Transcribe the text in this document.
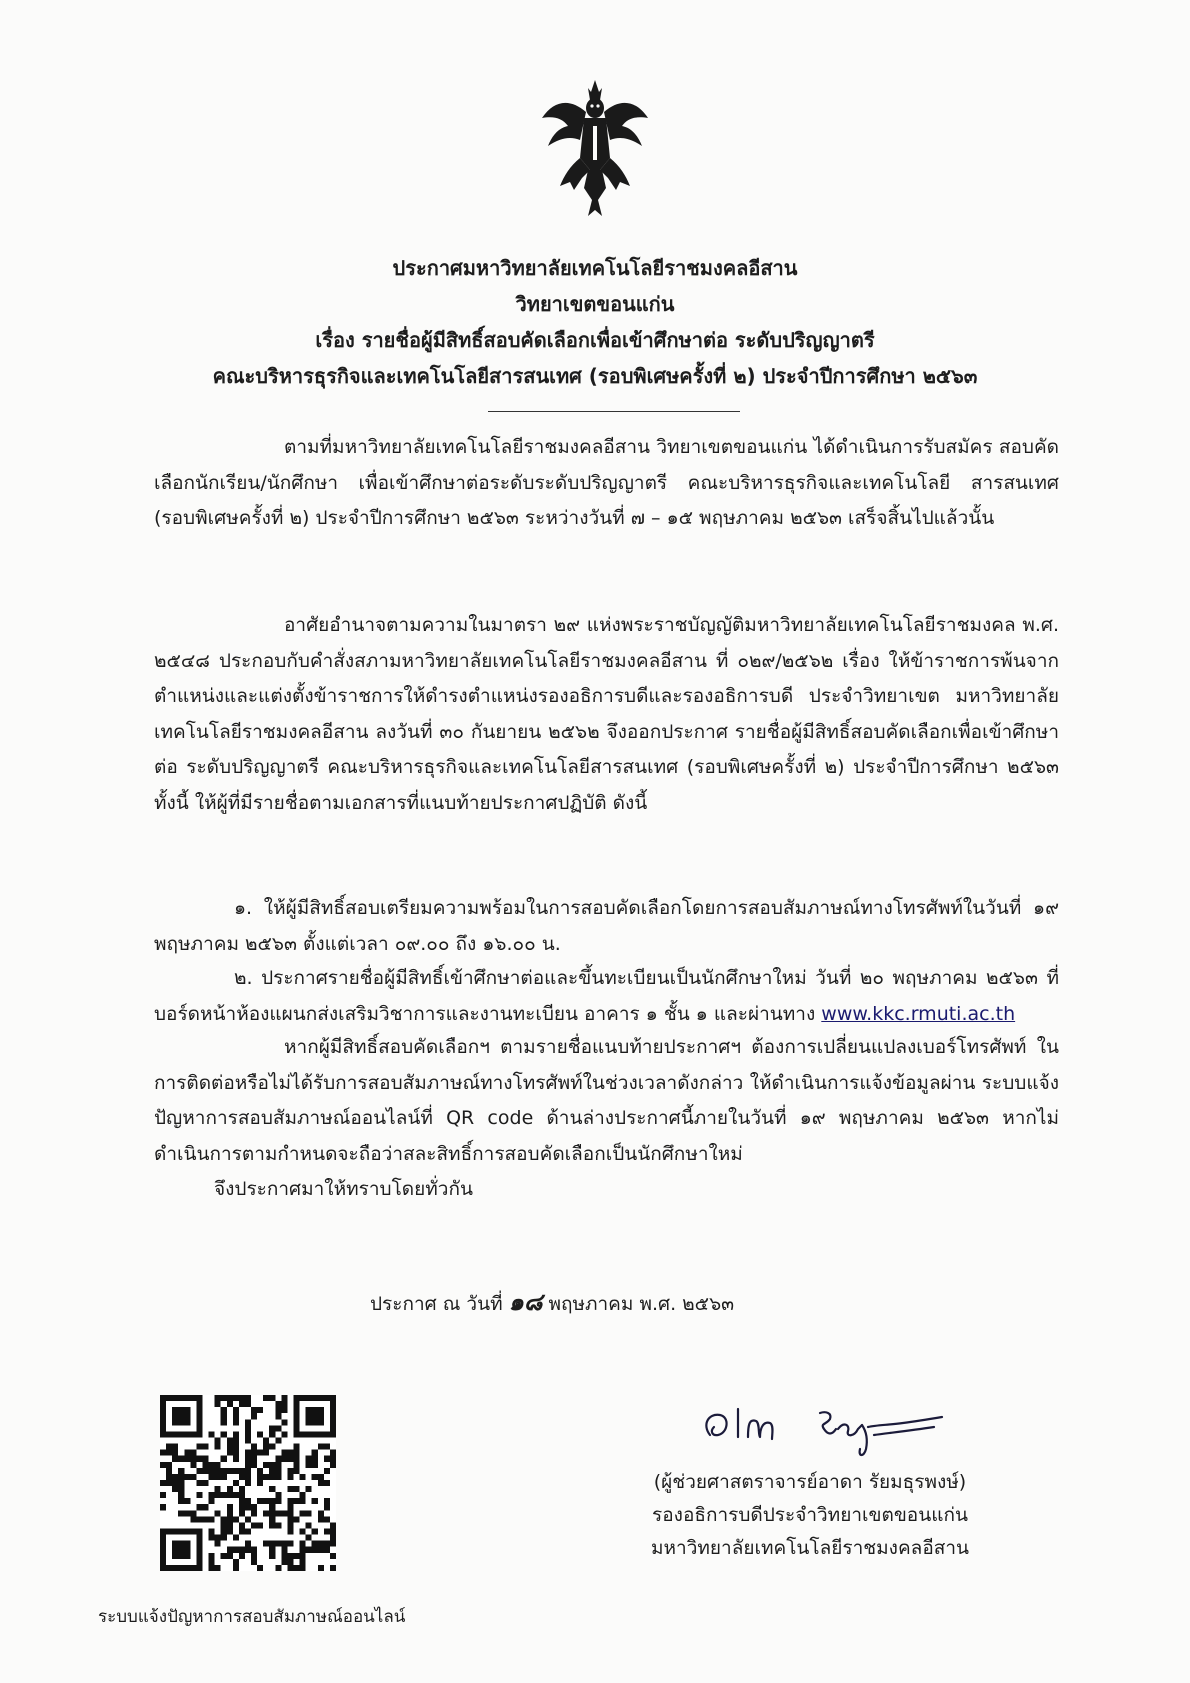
ประกาศมหาวิทยาลัยเทคโนโลยีราชมงคลอีสาน
วิทยาเขตขอนแก่น
เรื่อง รายชื่อผู้มีสิทธิ์สอบคัดเลือกเพื่อเข้าศึกษาต่อ ระดับปริญญาตรี
คณะบริหารธุรกิจและเทคโนโลยีสารสนเทศ (รอบพิเศษครั้งที่ ๒) ประจำปีการศึกษา ๒๕๖๓

ตามที่มหาวิทยาลัยเทคโนโลยีราชมงคลอีสาน วิทยาเขตขอนแก่น ได้ดำเนินการรับสมัคร สอบคัดเลือกนักเรียน/นักศึกษา เพื่อเข้าศึกษาต่อระดับระดับปริญญาตรี คณะบริหารธุรกิจและเทคโนโลยี สารสนเทศ (รอบพิเศษครั้งที่ ๒) ประจำปีการศึกษา ๒๕๖๓ ระหว่างวันที่ ๗ – ๑๕ พฤษภาคม ๒๕๖๓ เสร็จสิ้นไปแล้วนั้น

อาศัยอำนาจตามความในมาตรา ๒๙ แห่งพระราชบัญญัติมหาวิทยาลัยเทคโนโลยีราชมงคล พ.ศ. ๒๕๔๘ ประกอบกับคำสั่งสภามหาวิทยาลัยเทคโนโลยีราชมงคลอีสาน ที่ ๐๒๙/๒๕๖๒ เรื่อง ให้ข้าราชการพ้นจากตำแหน่งและแต่งตั้งข้าราชการให้ดำรงตำแหน่งรองอธิการบดีและรองอธิการบดี ประจำวิทยาเขต มหาวิทยาลัยเทคโนโลยีราชมงคลอีสาน ลงวันที่ ๓๐ กันยายน ๒๕๖๒ จึงออกประกาศ รายชื่อผู้มีสิทธิ์สอบคัดเลือกเพื่อเข้าศึกษาต่อ ระดับปริญญาตรี คณะบริหารธุรกิจและเทคโนโลยีสารสนเทศ (รอบพิเศษครั้งที่ ๒) ประจำปีการศึกษา ๒๕๖๓ ทั้งนี้ ให้ผู้ที่มีรายชื่อตามเอกสารที่แนบท้ายประกาศปฏิบัติ ดังนี้

๑. ให้ผู้มีสิทธิ์สอบเตรียมความพร้อมในการสอบคัดเลือกโดยการสอบสัมภาษณ์ทางโทรศัพท์ในวันที่ ๑๙ พฤษภาคม ๒๕๖๓ ตั้งแต่เวลา ๐๙.๐๐ ถึง ๑๖.๐๐ น.

๒. ประกาศรายชื่อผู้มีสิทธิ์เข้าศึกษาต่อและขึ้นทะเบียนเป็นนักศึกษาใหม่ วันที่ ๒๐ พฤษภาคม ๒๕๖๓ ที่บอร์ดหน้าห้องแผนกส่งเสริมวิชาการและงานทะเบียน อาคาร ๑ ชั้น ๑ และผ่านทาง www.kkc.rmuti.ac.th

หากผู้มีสิทธิ์สอบคัดเลือกฯ ตามรายชื่อแนบท้ายประกาศฯ ต้องการเปลี่ยนแปลงเบอร์โทรศัพท์ ในการติดต่อหรือไม่ได้รับการสอบสัมภาษณ์ทางโทรศัพท์ในช่วงเวลาดังกล่าว ให้ดำเนินการแจ้งข้อมูลผ่าน ระบบแจ้งปัญหาการสอบสัมภาษณ์ออนไลน์ที่ QR code ด้านล่างประกาศนี้ภายในวันที่ ๑๙ พฤษภาคม ๒๕๖๓ หากไม่ดำเนินการตามกำหนดจะถือว่าสละสิทธิ์การสอบคัดเลือกเป็นนักศึกษาใหม่

จึงประกาศมาให้ทราบโดยทั่วกัน

ประกาศ ณ วันที่ ๑๘ พฤษภาคม พ.ศ. ๒๕๖๓
ระบบแจ้งปัญหาการสอบสัมภาษณ์ออนไลน์
(ผู้ช่วยศาสตราจารย์อาดา รัยมธุรพงษ์)
รองอธิการบดีประจำวิทยาเขตขอนแก่น
มหาวิทยาลัยเทคโนโลยีราชมงคลอีสาน
